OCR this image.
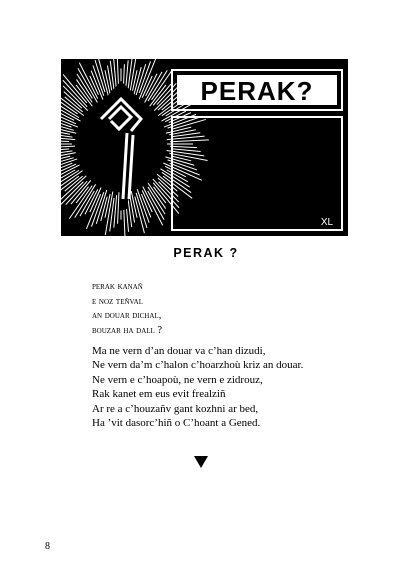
PERAK?
XL
PERAK ?
perak kanañ
e noz teñval
an douar dichal,
bouzar ha dall ?
Ma ne vern d’an douar va c’han dizudi,
Ne vern da’m c’halon c’hoarzhoù kriz an douar.
Ne vern e c’hoapoù, ne vern e zidrouz,
Rak kanet em eus evit frealziñ
Ar re a c’houzañv gant kozhni ar bed,
Ha ’vit dasorc’hiñ o C’hoant a Gened.
8
